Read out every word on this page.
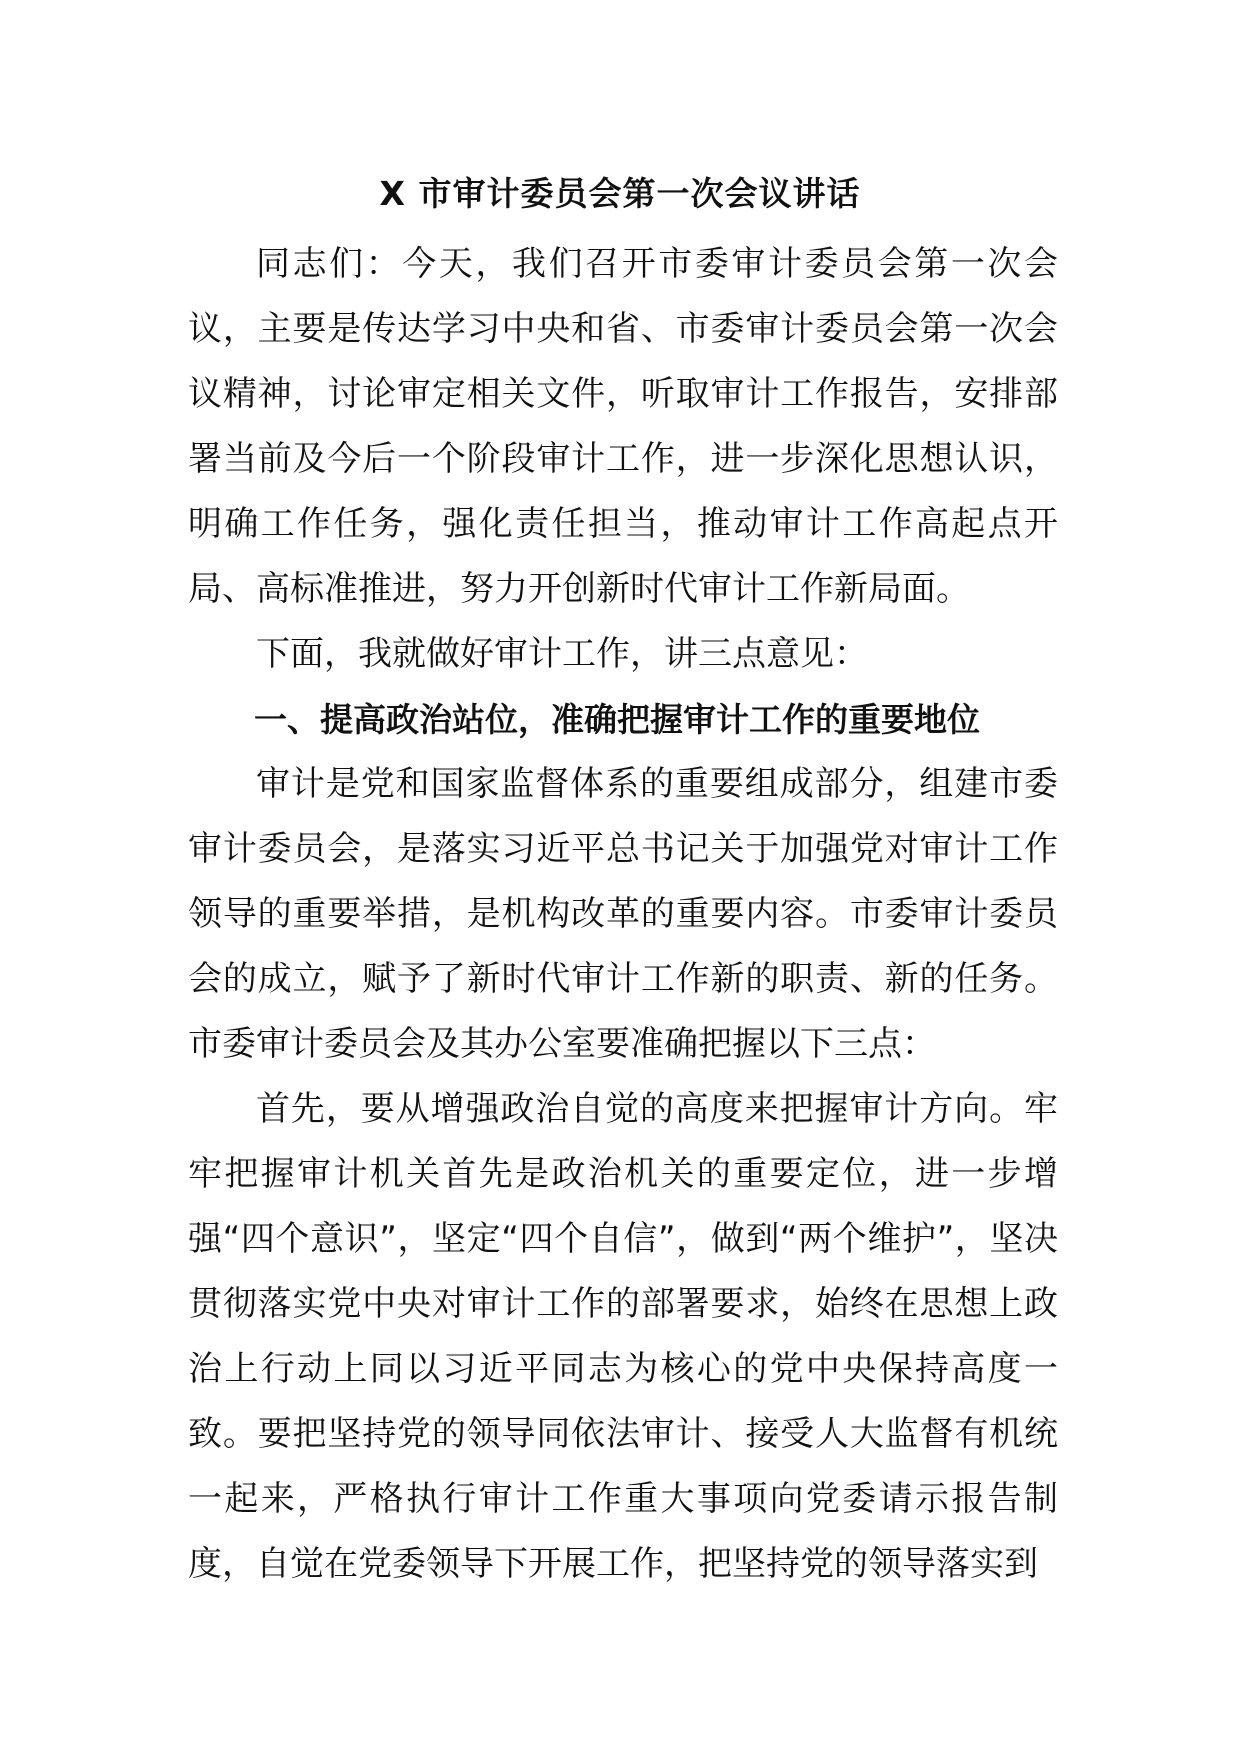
X 市审计委员会第一次会议讲话

同志们：今天，我们召开市委审计委员会第一次会议，主要是传达学习中央和省、市委审计委员会第一次会议精神，讨论审定相关文件，听取审计工作报告，安排部署当前及今后一个阶段审计工作，进一步深化思想认识，明确工作任务，强化责任担当，推动审计工作高起点开局、高标准推进，努力开创新时代审计工作新局面。

下面，我就做好审计工作，讲三点意见：

一、提高政治站位，准确把握审计工作的重要地位

审计是党和国家监督体系的重要组成部分，组建市委审计委员会，是落实习近平总书记关于加强党对审计工作领导的重要举措，是机构改革的重要内容。市委审计委员会的成立，赋予了新时代审计工作新的职责、新的任务。市委审计委员会及其办公室要准确把握以下三点：

首先，要从增强政治自觉的高度来把握审计方向。牢牢把握审计机关首先是政治机关的重要定位，进一步增强“四个意识”，坚定“四个自信”，做到“两个维护”，坚决贯彻落实党中央对审计工作的部署要求，始终在思想上政治上行动上同以习近平同志为核心的党中央保持高度一致。要把坚持党的领导同依法审计、接受人大监督有机统一起来，严格执行审计工作重大事项向党委请示报告制度，自觉在党委领导下开展工作，把坚持党的领导落实到
